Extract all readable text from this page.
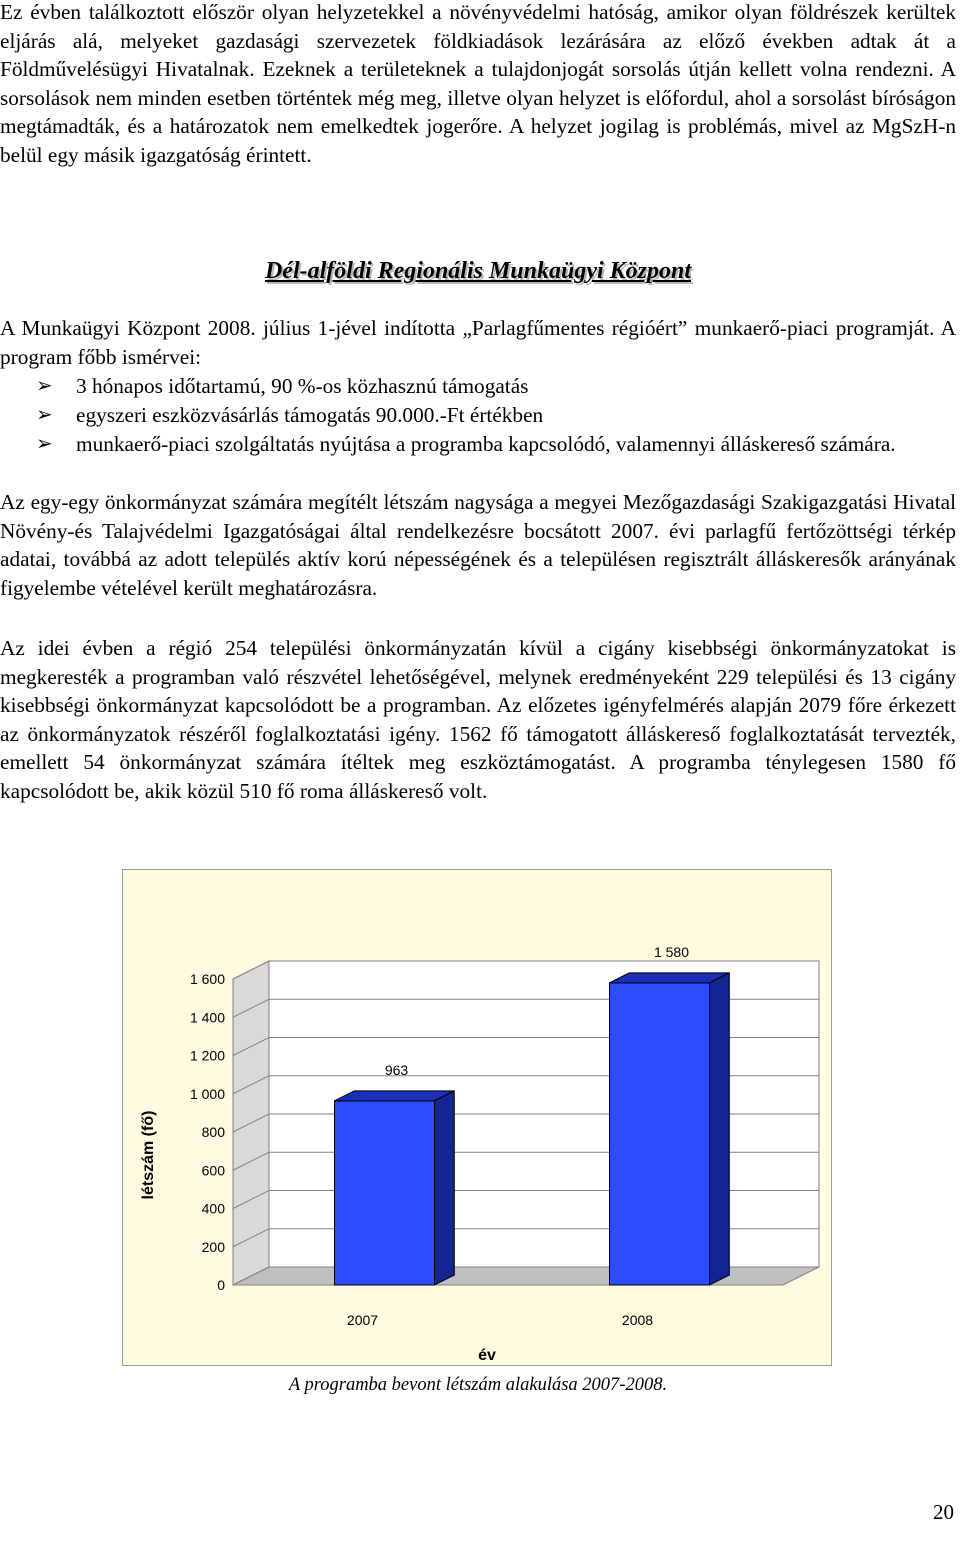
Ez évben találkoztott először olyan helyzetekkel a növényvédelmi hatóság, amikor olyan földrészek kerültek eljárás alá, melyeket gazdasági szervezetek földkiadások lezárására az előző években adtak át a Földművelésügyi Hivatalnak. Ezeknek a területeknek a tulajdonjogát sorsolás útján kellett volna rendezni. A sorsolások nem minden esetben történtek még meg, illetve olyan helyzet is előfordul, ahol a sorsolást bíróságon megtámadták, és a határozatok nem emelkedtek jogerőre. A helyzet jogilag is problémás, mivel az MgSzH-n belül egy másik igazgatóság érintett.

Dél-alföldi Regionális Munkaügyi Központ

A Munkaügyi Központ 2008. július 1-jével indította „Parlagfűmentes régióért” munkaerő-piaci programját. A program főbb ismérvei:

➢ 3 hónapos időtartamú, 90 %-os közhasznú támogatás
➢ egyszeri eszközvásárlás támogatás 90.000.-Ft értékben
➢ munkaerő-piaci szolgáltatás nyújtása a programba kapcsolódó, valamennyi álláskereső számára.

Az egy-egy önkormányzat számára megítélt létszám nagysága a megyei Mezőgazdasági Szakigazgatási Hivatal Növény-és Talajvédelmi Igazgatóságai által rendelkezésre bocsátott 2007. évi parlagfű fertőzöttségi térkép adatai, továbbá az adott település aktív korú népességének és a településen regisztrált álláskeresők arányának figyelembe vételével került meghatározásra.

Az idei évben a régió 254 települési önkormányzatán kívül a cigány kisebbségi önkormányzatokat is megkeresték a programban való részvétel lehetőségével, melynek eredményeként 229 települési és 13 cigány kisebbségi önkormányzat kapcsolódott be a programban. Az előzetes igényfelmérés alapján 2079 főre érkezett az önkormányzatok részéről foglalkoztatási igény. 1562 fő támogatott álláskereső foglalkoztatását tervezték, emellett 54 önkormányzat számára ítéltek meg eszköztámogatást. A programba ténylegesen 1580 fő kapcsolódott be, akik közül 510 fő roma álláskereső volt.

0
200
400
600
800
1 000
1 200
1 400
1 600
963
2007
1 580
2008
év
létszám (fő)

A programba bevont létszám alakulása 2007-2008.

20
